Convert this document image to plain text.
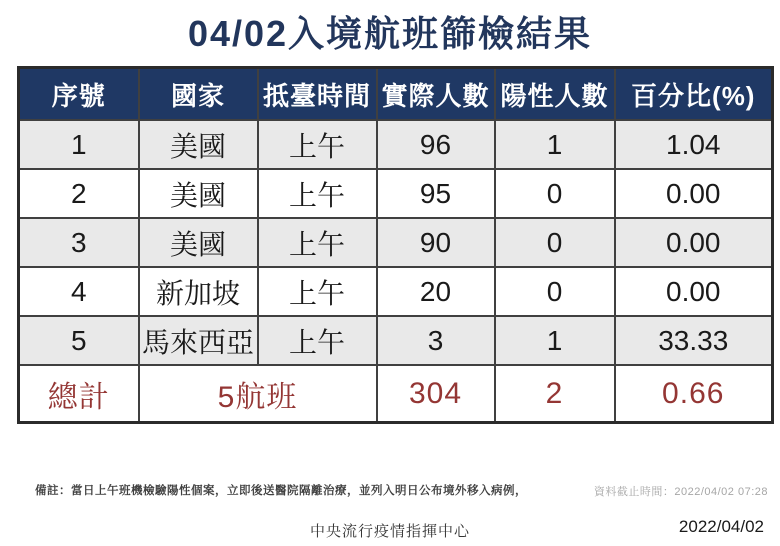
04/02入境航班篩檢結果
序號	國家	抵臺時間	實際人數	陽性人數	百分比(%)
1	美國	上午	96	1	1.04
2	美國	上午	95	0	0.00
3	美國	上午	90	0	0.00
4	新加坡	上午	20	0	0.00
5	馬來西亞	上午	3	1	33.33
總計	5航班		304	2	0.66
備註：當日上午班機檢驗陽性個案，立即後送醫院隔離治療，並列入明日公布境外移入病例，	資料截止時間：2022/04/02 07:28
中央流行疫情指揮中心	2022/04/02
